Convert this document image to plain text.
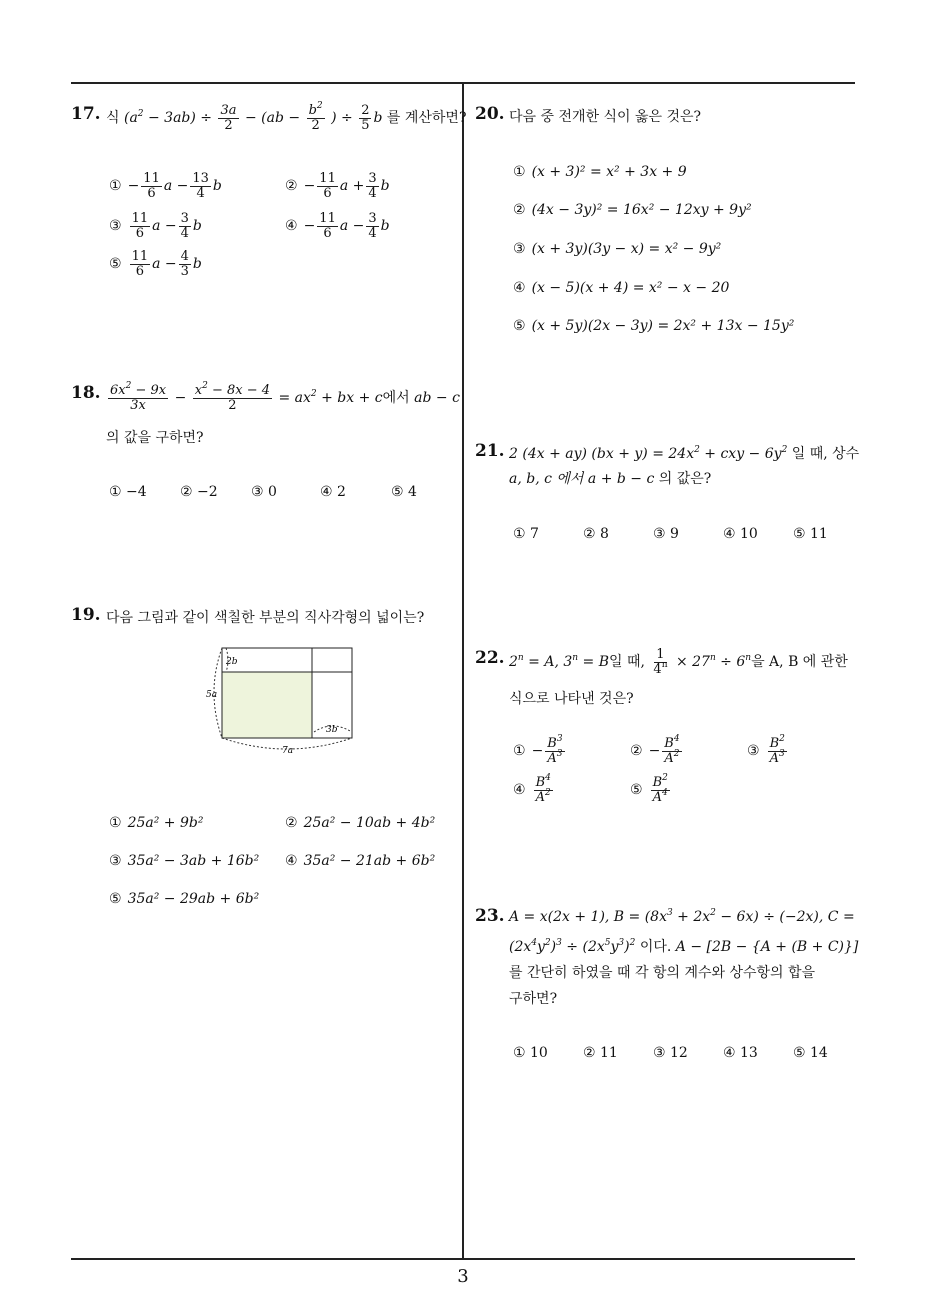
17. 식 $(a^2 - 3ab) \div \frac{3a}{2} - (ab - \frac{b^2}{2}$ ) ÷ $\frac{2}{5}$ b 를 계산하면?
① − $\frac{11}{6}$ $a - \frac{13}{4}$ b	② − $\frac{11}{6}$ $a + \frac{3}{4}$ b
③ $\frac{11}{6}$ $a - \frac{3}{4}$ b	④ − $\frac{11}{6}$ $a - \frac{3}{4}$ b
⑤ $\frac{11}{6}$ $a - \frac{4}{3}$ b
18. $\frac{6x^2 - 9x}{3x} - \frac{x^2 - 8x - 4}{2} = ax^2$ + bx + c에서 ab − c
의 값을 구하면?
① −4 ② −2 ③ 0	④ 2	⑤ 4
19. 다음 그림과 같이 색칠한 부분의 직사각형의 넓이는?
2b
5a
7a
3b
① 25a² + 9b²	② 25a² − 10ab + 4b²
③ 35a² − 3ab + 16b² ④ 35a² − 21ab + 6b²
⑤ 35a² − 29ab + 6b²
20. 다음 중 전개한 식이 옳은 것은?
① (x + 3)² = x² + 3x + 9
② (4x − 3y)² = 16x² − 12xy + 9y²
③ (x + 3y)(3y − x) = x² − 9y²
④ (x − 5)(x + 4) = x² − x − 20
⑤ (x + 5y)(2x − 3y) = 2x² + 13x − 15y²
21. 2 (4x + ay) $(bx + y) = 24x^2$ + cxy − $6y^2$ 일 때, 상수
a, b, c 에서 a + b − c 의 값은?
① 7	② 8	③ 9	④ 10	⑤ 11
22. $2^n = A$, $3^n = B$일 때, $\frac{1}{4^n} \times 27^n \div 6^n$을 A, B 에 관한
식으로 나타낸 것은?
① − $\frac{B^3}{A^3}$	② − $\frac{B^4}{A^2}$	③ $\frac{B^2}{A^3}$
④ $\frac{B^4}{A^2}$	⑤ $\frac{B^2}{A^4}$
23. A = x(2x + 1), $B = (8x^3 + 2x^2 - 6x) \div (-2x)$, C =
$(2x^4y^2)^3 \div (2x^5y^3)^2$ 이다. A − [2B − {A + (B + C)}]
를 간단히 하였을 때 각 항의 계수와 상수항의 합을
구하면?
① 10	② 11	③ 12	④ 13	⑤ 14
3
